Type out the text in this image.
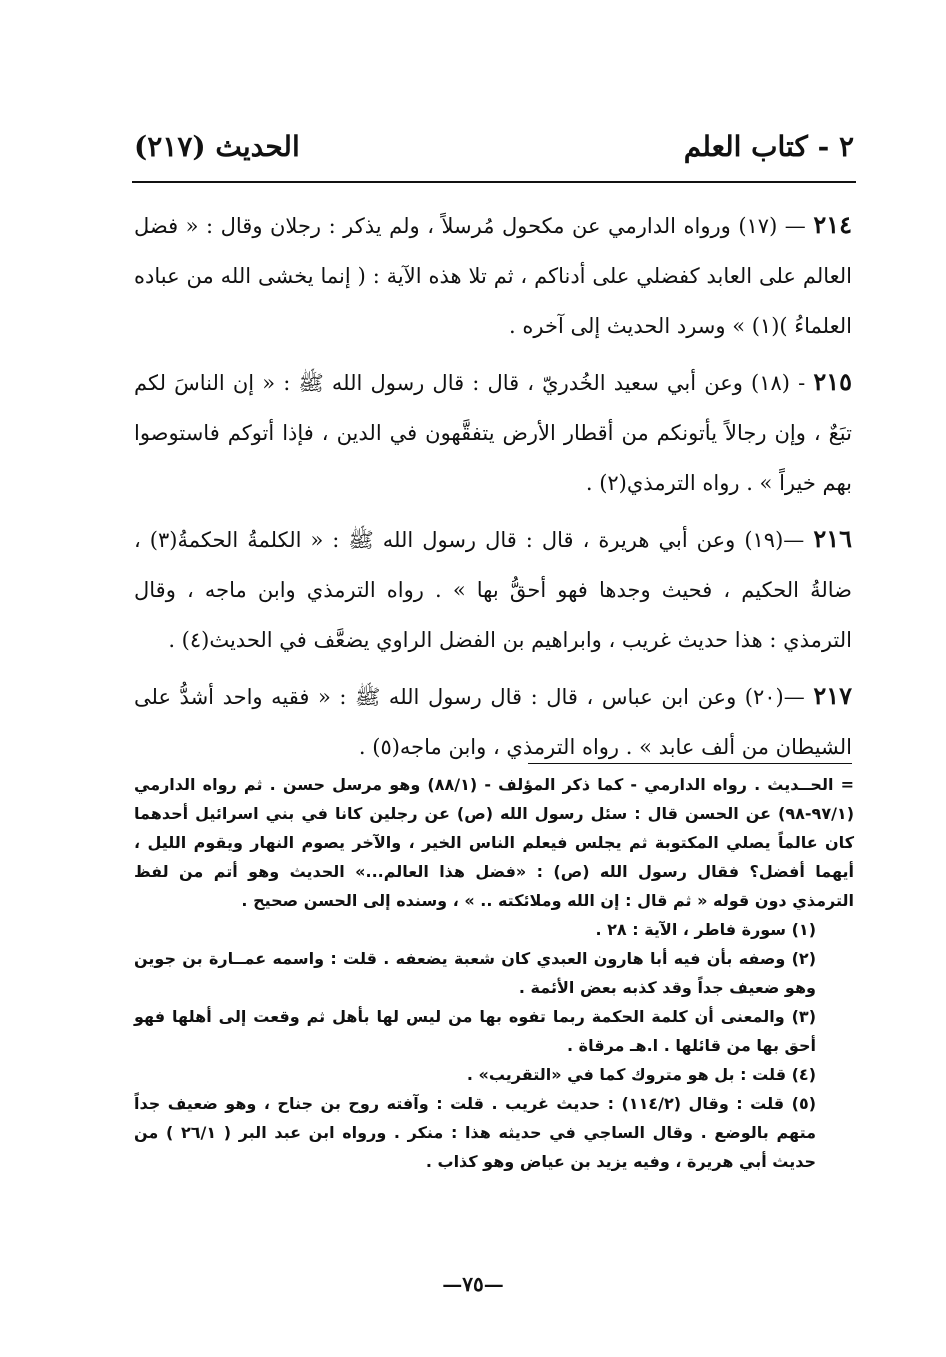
٢ - كتاب العلم
الحديث (٢١٧)

٢١٤ — (١٧) ورواه الدارمي عن مكحول مُرسلاً ، ولم يذكر : رجلان وقال : « فضل العالم على العابد كفضلي على أدناكم ، ثم تلا هذه الآية : ( إنما يخشى الله من عباده العلماءُ )(١) » وسرد الحديث إلى آخره .

٢١٥ - (١٨) وعن أبي سعيد الخُدريّ ، قال : قال رسول الله ﷺ : « إن الناسَ لكم تبَعٌ ، وإن رجالاً يأتونكم من أقطار الأرض يتفقَّهون في الدين ، فإذا أتوكم فاستوصوا بهم خيراً » . رواه الترمذي(٢) .

٢١٦ —(١٩) وعن أبي هريرة ، قال : قال رسول الله ﷺ : « الكلمةُ الحكمةُ(٣) ، ضالةُ الحكيم ، فحيث وجدها فهو أحقُّ بها » . رواه الترمذي وابن ماجه ، وقال الترمذي : هذا حديث غريب ، وابراهيم بن الفضل الراوي يضعَّف في الحديث(٤) .

٢١٧ —(٢٠) وعن ابن عباس ، قال : قال رسول الله ﷺ : « فقيه واحد أشدُّ على الشيطان من ألف عابد » . رواه الترمذي ، وابن ماجه(٥) .

= الحــديث . رواه الدارمي - كما ذكر المؤلف - (٨٨/١) وهو مرسل حسن . ثم رواه الدارمي (٩٧/١-٩٨) عن الحسن قال : سئل رسول الله (ص) عن رجلين كانا في بني اسرائيل أحدهما كان عالماً يصلي المكتوبة ثم يجلس فيعلم الناس الخير ، والآخر يصوم النهار ويقوم الليل ، أيهما أفضل؟ فقال رسول الله (ص) : «فضل هذا العالم...» الحديث وهو أتم من لفظ الترمذي دون قوله « ثم قال : إن الله وملائكته .. » ، وسنده إلى الحسن صحيح .

(١) سورة فاطر ، الآية : ٢٨ .

(٢) وصفه بأن فيه أبا هارون العبدي كان شعبة يضعفه . قلت : واسمه عمــارة بن جوين وهو ضعيف جداً وقد كذبه بعض الأئمة .

(٣) والمعنى أن كلمة الحكمة ربما تفوه بها من ليس لها بأهل ثم وقعت إلى أهلها فهو أحق بها من قائلها . ا.هـ مرقاة .

(٤) قلت : بل هو متروك كما في «التقريب» .

(٥) قلت : وقال (١١٤/٢) : حديث غريب . قلت : وآفته روح بن جناح ، وهو ضعيف جداً متهم بالوضع . وقال الساجي في حديثه هذا : منكر . ورواه ابن عبد البر ( ٢٦/١ ) من حديث أبي هريرة ، وفيه يزيد بن عياض وهو كذاب .

—٧٥—
